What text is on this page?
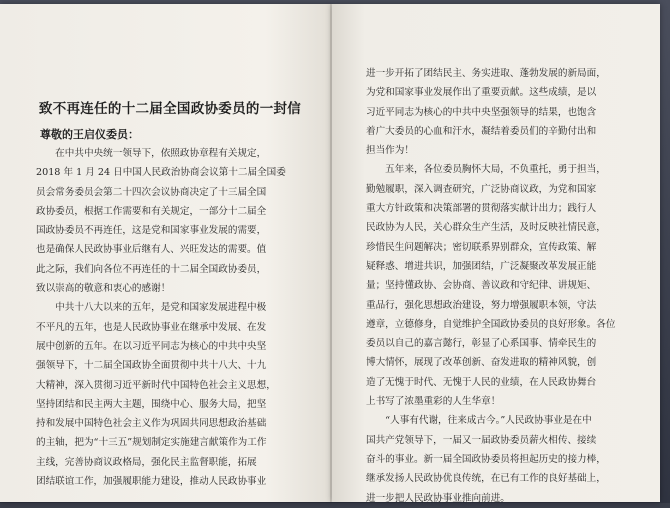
致不再连任的十二届全国政协委员的一封信
尊敬的王启仪委员：
　　在中共中央统一领导下，依照政协章程有关规定，
2018 年 1 月 24 日中国人民政治协商会议第十二届全国委
员会常务委员会第二十四次会议协商决定了十三届全国
政协委员，根据工作需要和有关规定，一部分十二届全
国政协委员不再连任，这是党和国家事业发展的需要，
也是确保人民政协事业后继有人、兴旺发达的需要。值
此之际，我们向各位不再连任的十二届全国政协委员，
致以崇高的敬意和衷心的感谢！
　　中共十八大以来的五年，是党和国家发展进程中极
不平凡的五年，也是人民政协事业在继承中发展、在发
展中创新的五年。在以习近平同志为核心的中共中央坚
强领导下，十二届全国政协全面贯彻中共十八大、十九
大精神，深入贯彻习近平新时代中国特色社会主义思想，
坚持团结和民主两大主题，围绕中心、服务大局，把坚
持和发展中国特色社会主义作为巩固共同思想政治基础
的主轴，把为“十三五”规划制定实施建言献策作为工作
主线，完善协商议政格局，强化民主监督职能，拓展
团结联谊工作，加强履职能力建设，推动人民政协事业
进一步开拓了团结民主、务实进取、蓬勃发展的新局面，
为党和国家事业发展作出了重要贡献。这些成绩，是以
习近平同志为核心的中共中央坚强领导的结果，也饱含
着广大委员的心血和汗水，凝结着委员们的辛勤付出和
担当作为！
　　五年来，各位委员胸怀大局，不负重托，勇于担当，
勤勉履职，深入调查研究，广泛协商议政，为党和国家
重大方针政策和决策部署的贯彻落实献计出力；践行人
民政协为人民，关心群众生产生活，及时反映社情民意，
珍惜民生问题解决；密切联系界别群众，宣传政策、解
疑释惑、增进共识，加强团结，广泛凝聚改革发展正能
量；坚持懂政协、会协商、善议政和守纪律、讲规矩、
重品行，强化思想政治建设，努力增强履职本领，守法
遵章，立德修身，自觉维护全国政协委员的良好形象。各位
委员以自己的嘉言懿行，彰显了心系国事、情牵民生的
博大情怀，展现了改革创新、奋发进取的精神风貌，创
造了无愧于时代、无愧于人民的业绩，在人民政协舞台
上书写了浓墨重彩的人生华章！
　　“人事有代谢，往来成古今。”人民政协事业是在中
国共产党领导下，一届又一届政协委员薪火相传、接续
奋斗的事业。新一届全国政协委员将担起历史的接力棒，
继承发扬人民政协优良传统，在已有工作的良好基础上，
进一步把人民政协事业推向前进。
